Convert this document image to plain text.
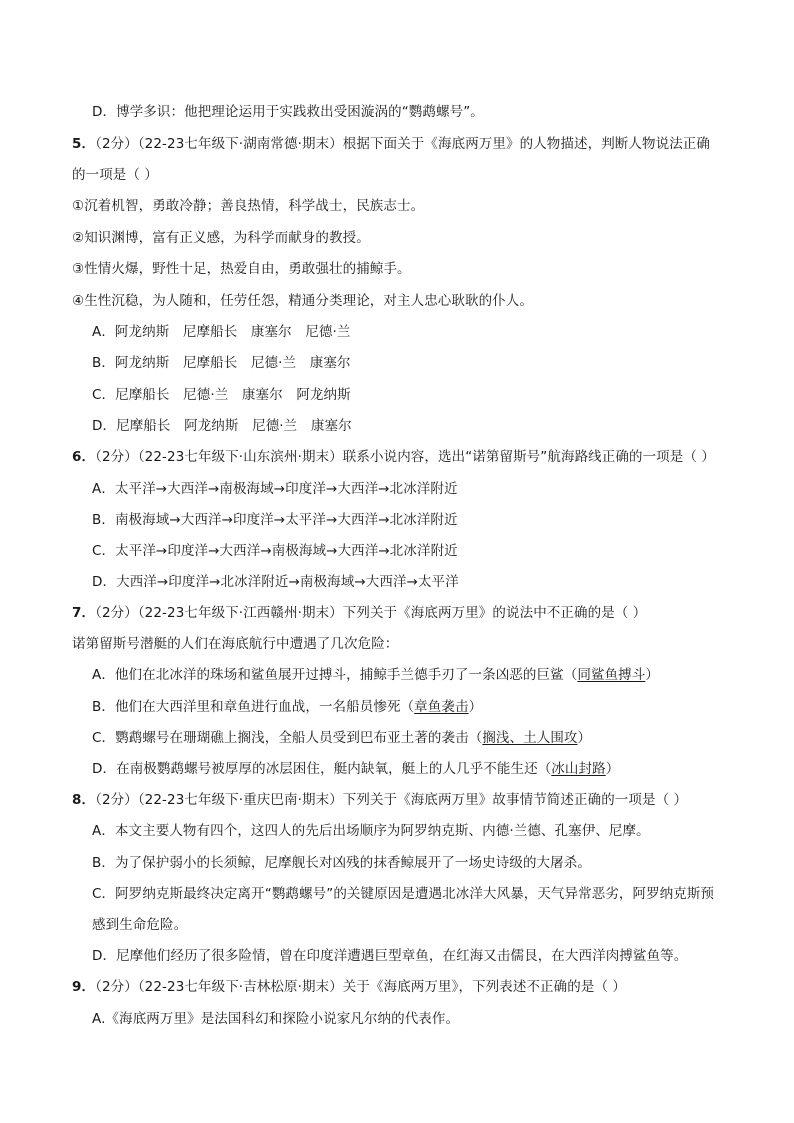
D．博学多识：他把理论运用于实践救出受困漩涡的“鹦鹉螺号”。
5．（2分）（22-23七年级下·湖南常德·期末）根据下面关于《海底两万里》的人物描述，判断人物说法正确
的一项是（ ）
①沉着机智，勇敢冷静；善良热情，科学战士，民族志士。
②知识渊博，富有正义感，为科学而献身的教授。
③性情火爆，野性十足，热爱自由，勇敢强壮的捕鲸手。
④生性沉稳，为人随和，任劳任怨，精通分类理论，对主人忠心耿耿的仆人。
A．阿龙纳斯　尼摩船长　康塞尔　尼德·兰
B．阿龙纳斯　尼摩船长　尼德·兰　康塞尔
C．尼摩船长　尼德·兰　康塞尔　阿龙纳斯
D．尼摩船长　阿龙纳斯　尼德·兰　康塞尔
6．（2分）（22-23七年级下·山东滨州·期末）联系小说内容，选出“诺第留斯号”航海路线正确的一项是（ ）
A．太平洋→大西洋→南极海域→印度洋→大西洋→北冰洋附近
B．南极海域→大西洋→印度洋→太平洋→大西洋→北冰洋附近
C．太平洋→印度洋→大西洋→南极海域→大西洋→北冰洋附近
D．大西洋→印度洋→北冰洋附近→南极海域→大西洋→太平洋
7．（2分）（22-23七年级下·江西赣州·期末）下列关于《海底两万里》的说法中不正确的是（ ）
诺第留斯号潜艇的人们在海底航行中遭遇了几次危险：
A．他们在北冰洋的珠场和鲨鱼展开过搏斗，捕鲸手兰德手刃了一条凶恶的巨鲨（同鲨鱼搏斗）
B．他们在大西洋里和章鱼进行血战，一名船员惨死（章鱼袭击）
C．鹦鹉螺号在珊瑚礁上搁浅，全船人员受到巴布亚土著的袭击（搁浅、土人围攻）
D．在南极鹦鹉螺号被厚厚的冰层困住，艇内缺氧，艇上的人几乎不能生还（冰山封路）
8．（2分）（22-23七年级下·重庆巴南·期末）下列关于《海底两万里》故事情节简述正确的一项是（ ）
A．本文主要人物有四个，这四人的先后出场顺序为阿罗纳克斯、内德·兰德、孔塞伊、尼摩。
B．为了保护弱小的长须鲸，尼摩舰长对凶残的抹香鲸展开了一场史诗级的大屠杀。
C．阿罗纳克斯最终决定离开“鹦鹉螺号”的关键原因是遭遇北冰洋大风暴，天气异常恶劣，阿罗纳克斯预
感到生命危险。
D．尼摩他们经历了很多险情，曾在印度洋遭遇巨型章鱼，在红海又击儒艮，在大西洋肉搏鲨鱼等。
9．（2分）（22-23七年级下·吉林松原·期末）关于《海底两万里》，下列表述不正确的是（ ）
A.《海底两万里》是法国科幻和探险小说家凡尔纳的代表作。
